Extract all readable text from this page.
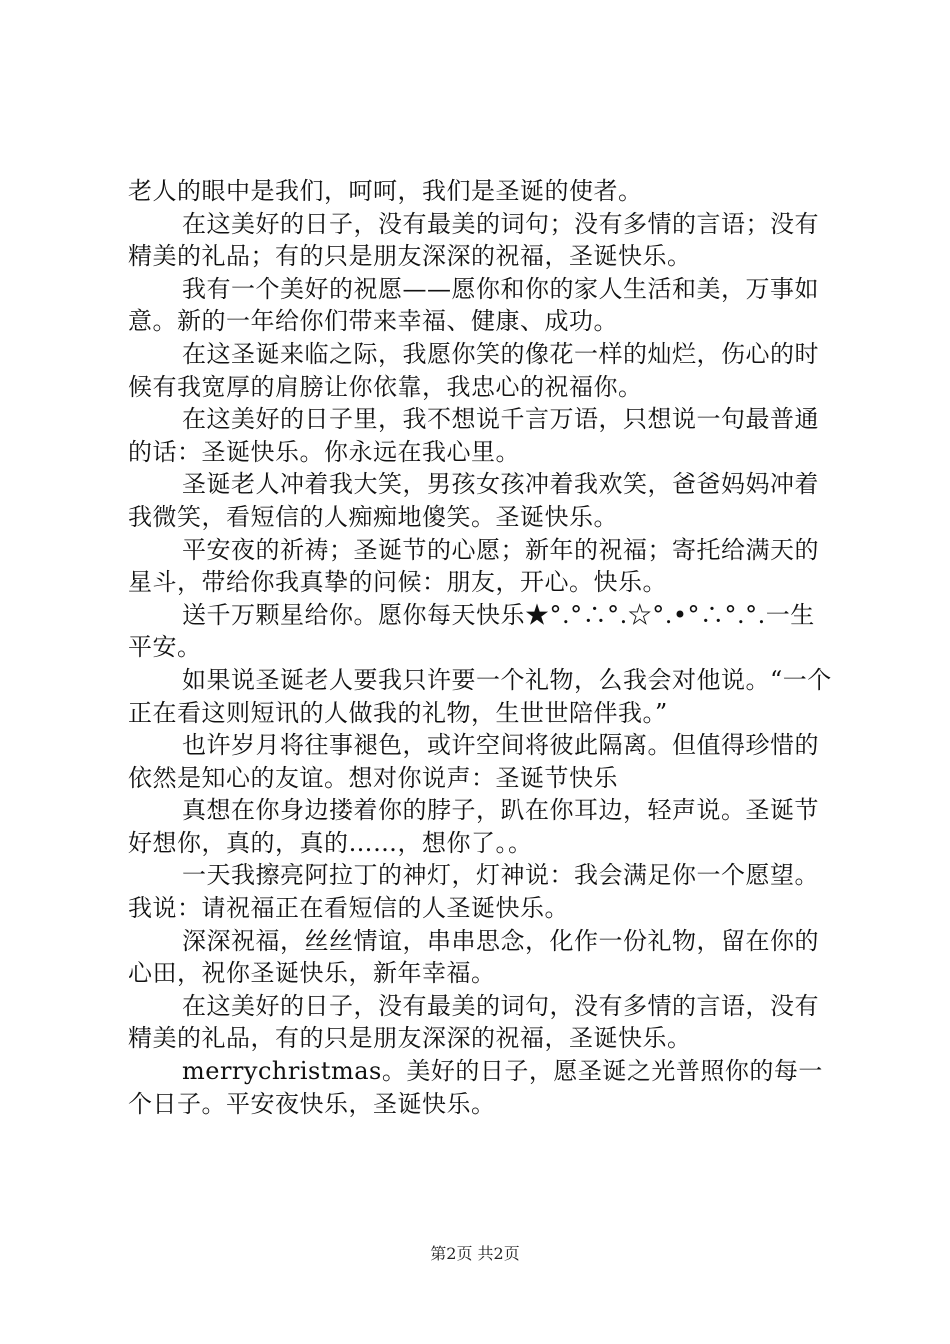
老人的眼中是我们，呵呵，我们是圣诞的使者。

在这美好的日子，没有最美的词句；没有多情的言语；没有精美的礼品；有的只是朋友深深的祝福，圣诞快乐。

我有一个美好的祝愿——愿你和你的家人生活和美，万事如意。新的一年给你们带来幸福、健康、成功。

在这圣诞来临之际，我愿你笑的像花一样的灿烂，伤心的时候有我宽厚的肩膀让你依靠，我忠心的祝福你。

在这美好的日子里，我不想说千言万语，只想说一句最普通的话：圣诞快乐。你永远在我心里。

圣诞老人冲着我大笑，男孩女孩冲着我欢笑，爸爸妈妈冲着我微笑，看短信的人痴痴地傻笑。圣诞快乐。

平安夜的祈祷；圣诞节的心愿；新年的祝福；寄托给满天的星斗，带给你我真挚的问候：朋友，开心。快乐。

送千万颗星给你。愿你每天快乐★°.°∴°.☆°.•°∴°.°.一生平安。

如果说圣诞老人要我只许要一个礼物，么我会对他说。“一个正在看这则短讯的人做我的礼物，生世世陪伴我。”

也许岁月将往事褪色，或许空间将彼此隔离。但值得珍惜的依然是知心的友谊。想对你说声：圣诞节快乐

真想在你身边搂着你的脖子，趴在你耳边，轻声说。圣诞节好想你，真的，真的……，想你了。。

一天我擦亮阿拉丁的神灯，灯神说：我会满足你一个愿望。我说：请祝福正在看短信的人圣诞快乐。

深深祝福，丝丝情谊，串串思念，化作一份礼物，留在你的心田，祝你圣诞快乐，新年幸福。

在这美好的日子，没有最美的词句，没有多情的言语，没有精美的礼品，有的只是朋友深深的祝福，圣诞快乐。

merrychristmas。美好的日子，愿圣诞之光普照你的每一个日子。平安夜快乐，圣诞快乐。

第2页 共2页
